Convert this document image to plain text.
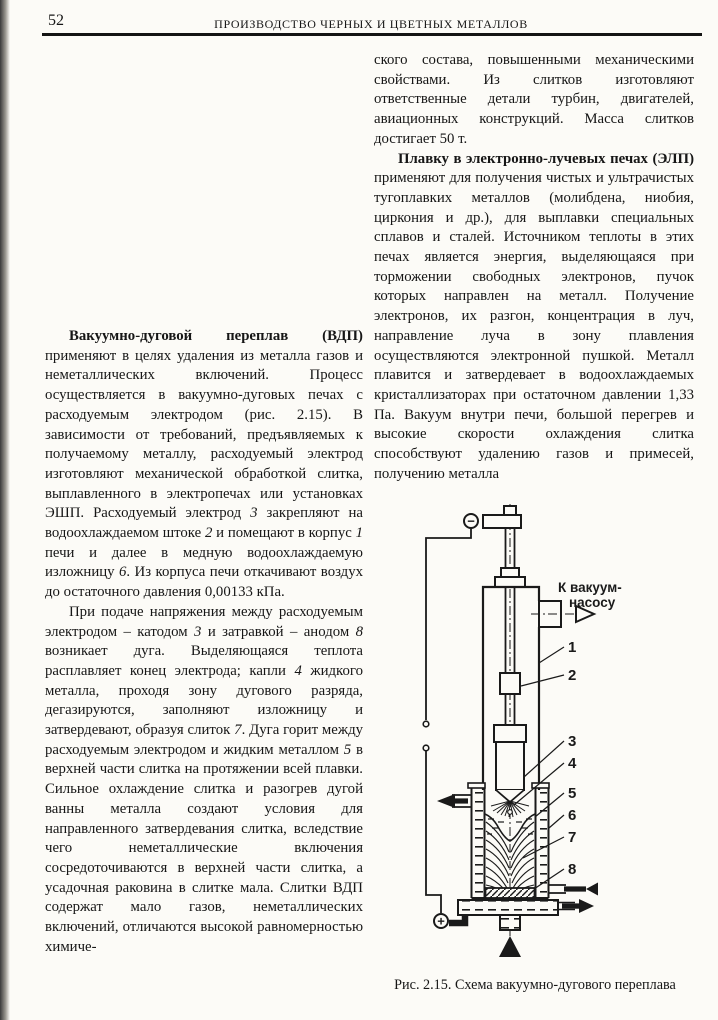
52	ПРОИЗВОДСТВО ЧЕРНЫХ И ЦВЕТНЫХ МЕТАЛЛОВ

Вакуумно-дуговой переплав (ВДП) применяют в целях удаления из металла газов и неметаллических включений. Процесс осуществляется в вакуумно-дуговых печах с расходуемым электродом (рис. 2.15). В зависимости от требований, предъявляемых к получаемому металлу, расходуемый электрод изготовляют механической обработкой слитка, выплавленного в электропечах или установках ЭШП. Расходуемый электрод 3 закрепляют на водоохлаждаемом штоке 2 и помещают в корпус 1 печи и далее в медную водоохлаждаемую изложницу 6. Из корпуса печи откачивают воздух до остаточного давления 0,00133 кПа.

При подаче напряжения между расходуемым электродом – катодом 3 и затравкой – анодом 8 возникает дуга. Выделяющаяся теплота расплавляет конец электрода; капли 4 жидкого металла, проходя зону дугового разряда, дегазируются, заполняют изложницу и затвердевают, образуя слиток 7. Дуга горит между расходуемым электродом и жидким металлом 5 в верхней части слитка на протяжении всей плавки. Сильное охлаждение слитка и разогрев дугой ванны металла создают условия для направленного затвердевания слитка, вследствие чего неметаллические включения сосредоточиваются в верхней части слитка, а усадочная раковина в слитке мала. Слитки ВДП содержат мало газов, неметаллических включений, отличаются высокой равномерностью химиче-

ского состава, повышенными механическими свойствами. Из слитков изготовляют ответственные детали турбин, двигателей, авиационных конструкций. Масса слитков достигает 50 т.

Плавку в электронно-лучевых печах (ЭЛП) применяют для получения чистых и ультрачистых тугоплавких металлов (молибдена, ниобия, циркония и др.), для выплавки специальных сплавов и сталей. Источником теплоты в этих печах является энергия, выделяющаяся при торможении свободных электронов, пучок которых направлен на металл. Получение электронов, их разгон, концентрация в луч, направление луча в зону плавления осуществляются электронной пушкой. Металл плавится и затвердевает в водоохлаждаемых кристаллизаторах при остаточном давлении 1,33 Па. Вакуум внутри печи, большой перегрев и высокие скорости охлаждения слитка способствуют удалению газов и примесей, получению металла

−
+
К вакуум-
насосу
1
2
3
4
5
6
7
8
Рис. 2.15. Схема вакуумно-дугового переплава
